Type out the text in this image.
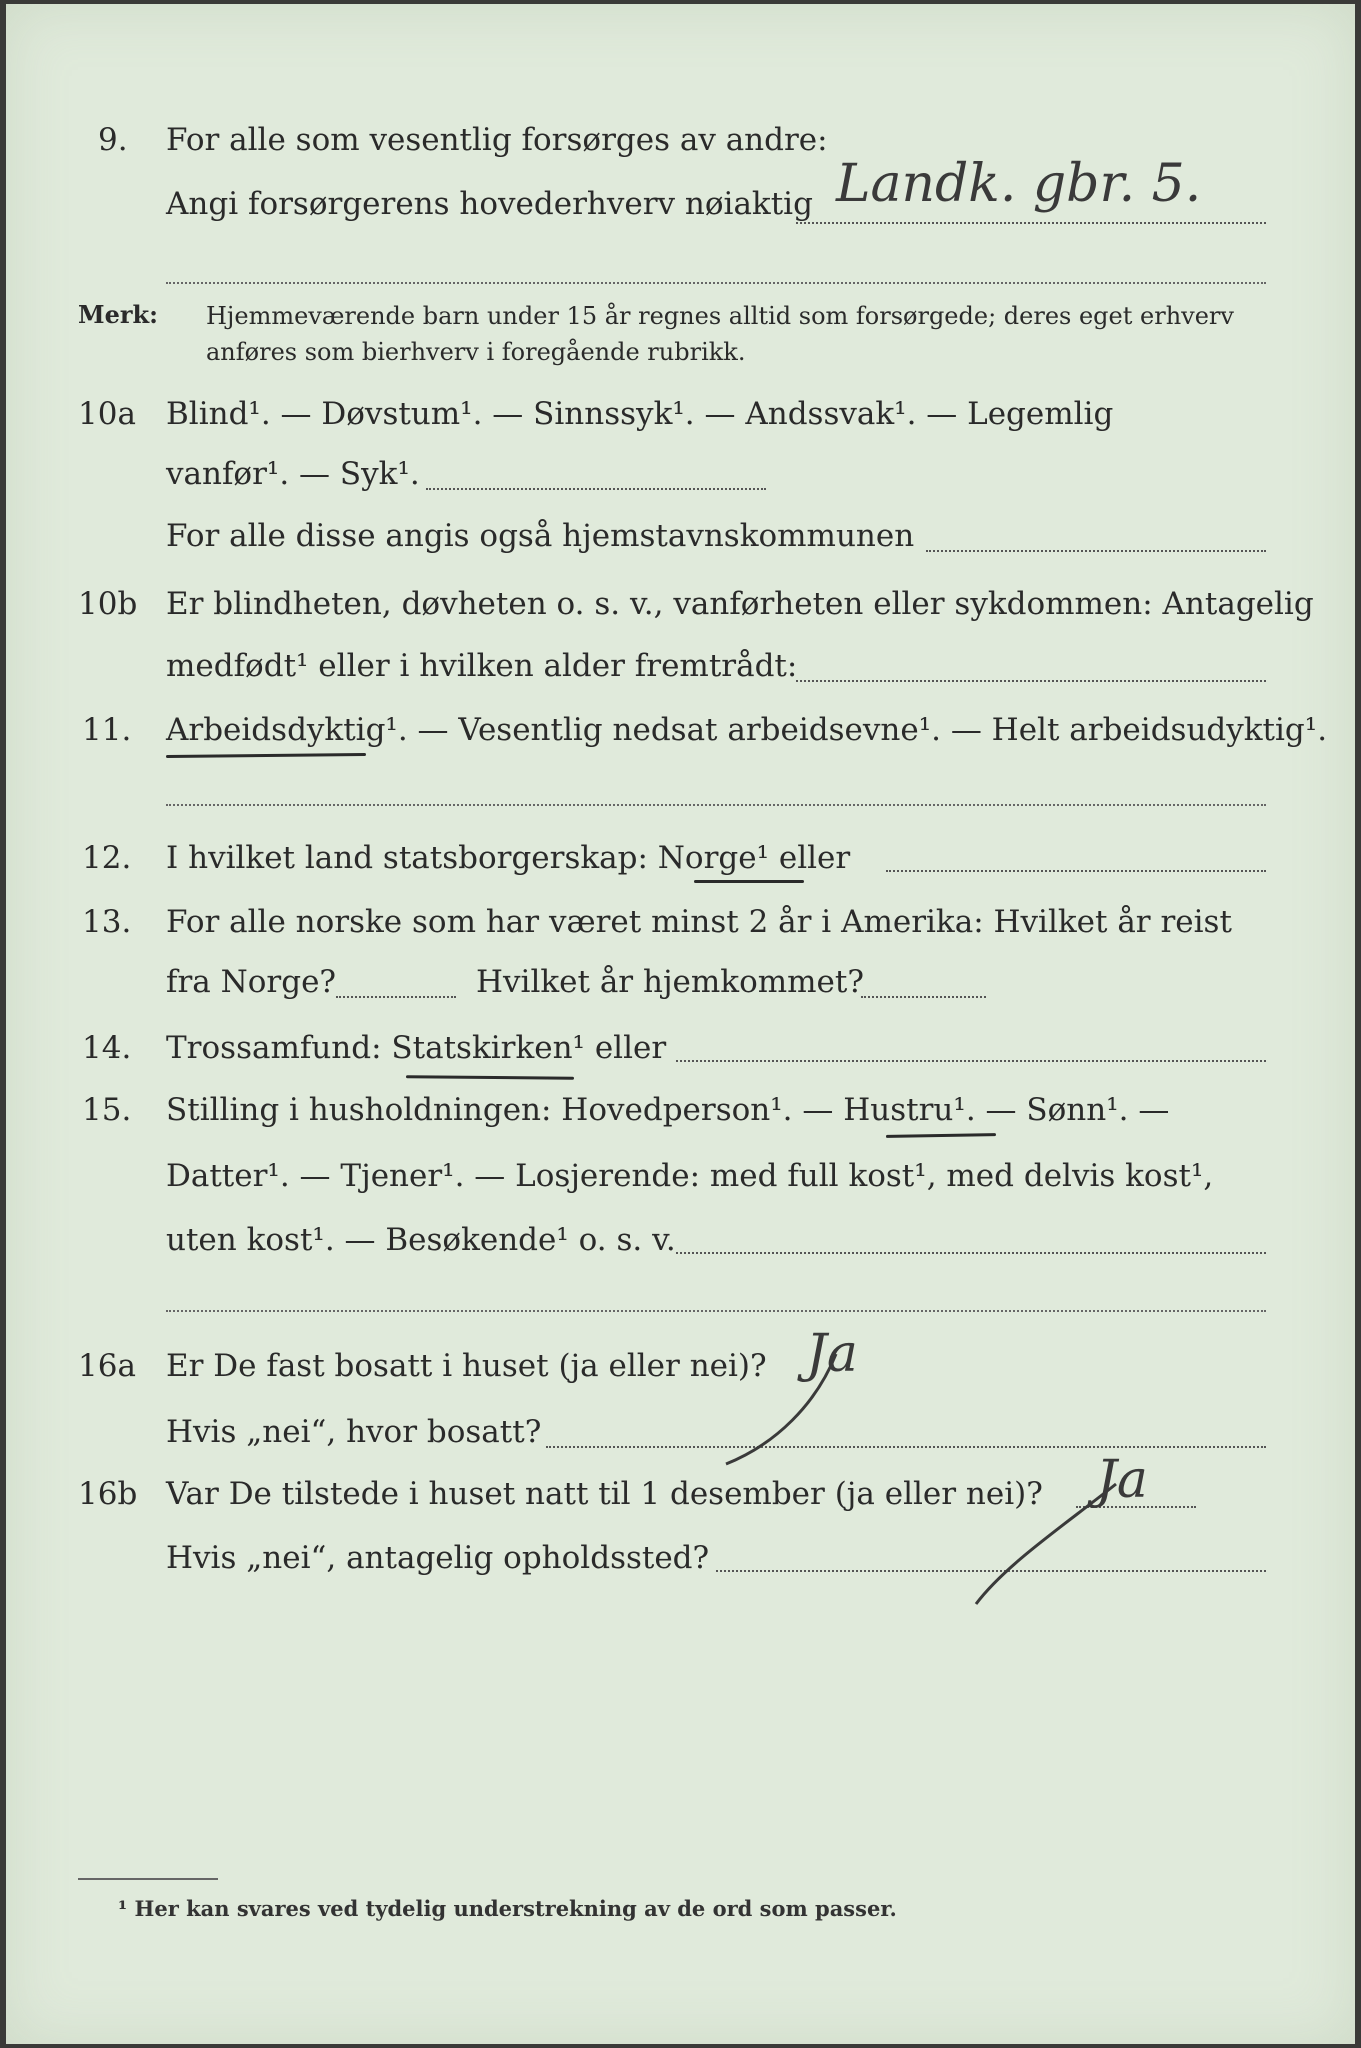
9. For alle som vesentlig forsørges av andre:
Angi forsørgerens hovederhverv nøiaktig Landk. gbr. 5.
Merk: Hjemmeværende barn under 15 år regnes alltid som forsørgede; deres eget erhverv
anføres som bierhverv i foregående rubrikk.
10a Blind¹. — Døvstum¹. — Sinnssyk¹. — Andssvak¹. — Legemlig
vanfør¹. — Syk¹.
For alle disse angis også hjemstavnskommunen
10b Er blindheten, døvheten o. s. v., vanførheten eller sykdommen: Antagelig
medfødt¹ eller i hvilken alder fremtrådt:
11. Arbeidsdyktig¹. — Vesentlig nedsat arbeidsevne¹. — Helt arbeidsudyktig¹.
12. I hvilket land statsborgerskap: Norge¹ eller
13. For alle norske som har været minst 2 år i Amerika: Hvilket år reist
fra Norge?	Hvilket år hjemkommet?
14. Trossamfund: Statskirken¹ eller
15. Stilling i husholdningen: Hovedperson¹. — Hustru¹. — Sønn¹. —
Datter¹. — Tjener¹. — Losjerende: med full kost¹, med delvis kost¹,
uten kost¹. — Besøkende¹ o. s. v.
16a Er De fast bosatt i huset (ja eller nei)?
Hvis „nei“, hvor bosatt?
Ja
16b Var De tilstede i huset natt til 1 desember (ja eller nei)? Ja
Hvis „nei“, antagelig opholdssted?
¹ Her kan svares ved tydelig understrekning av de ord som passer.
